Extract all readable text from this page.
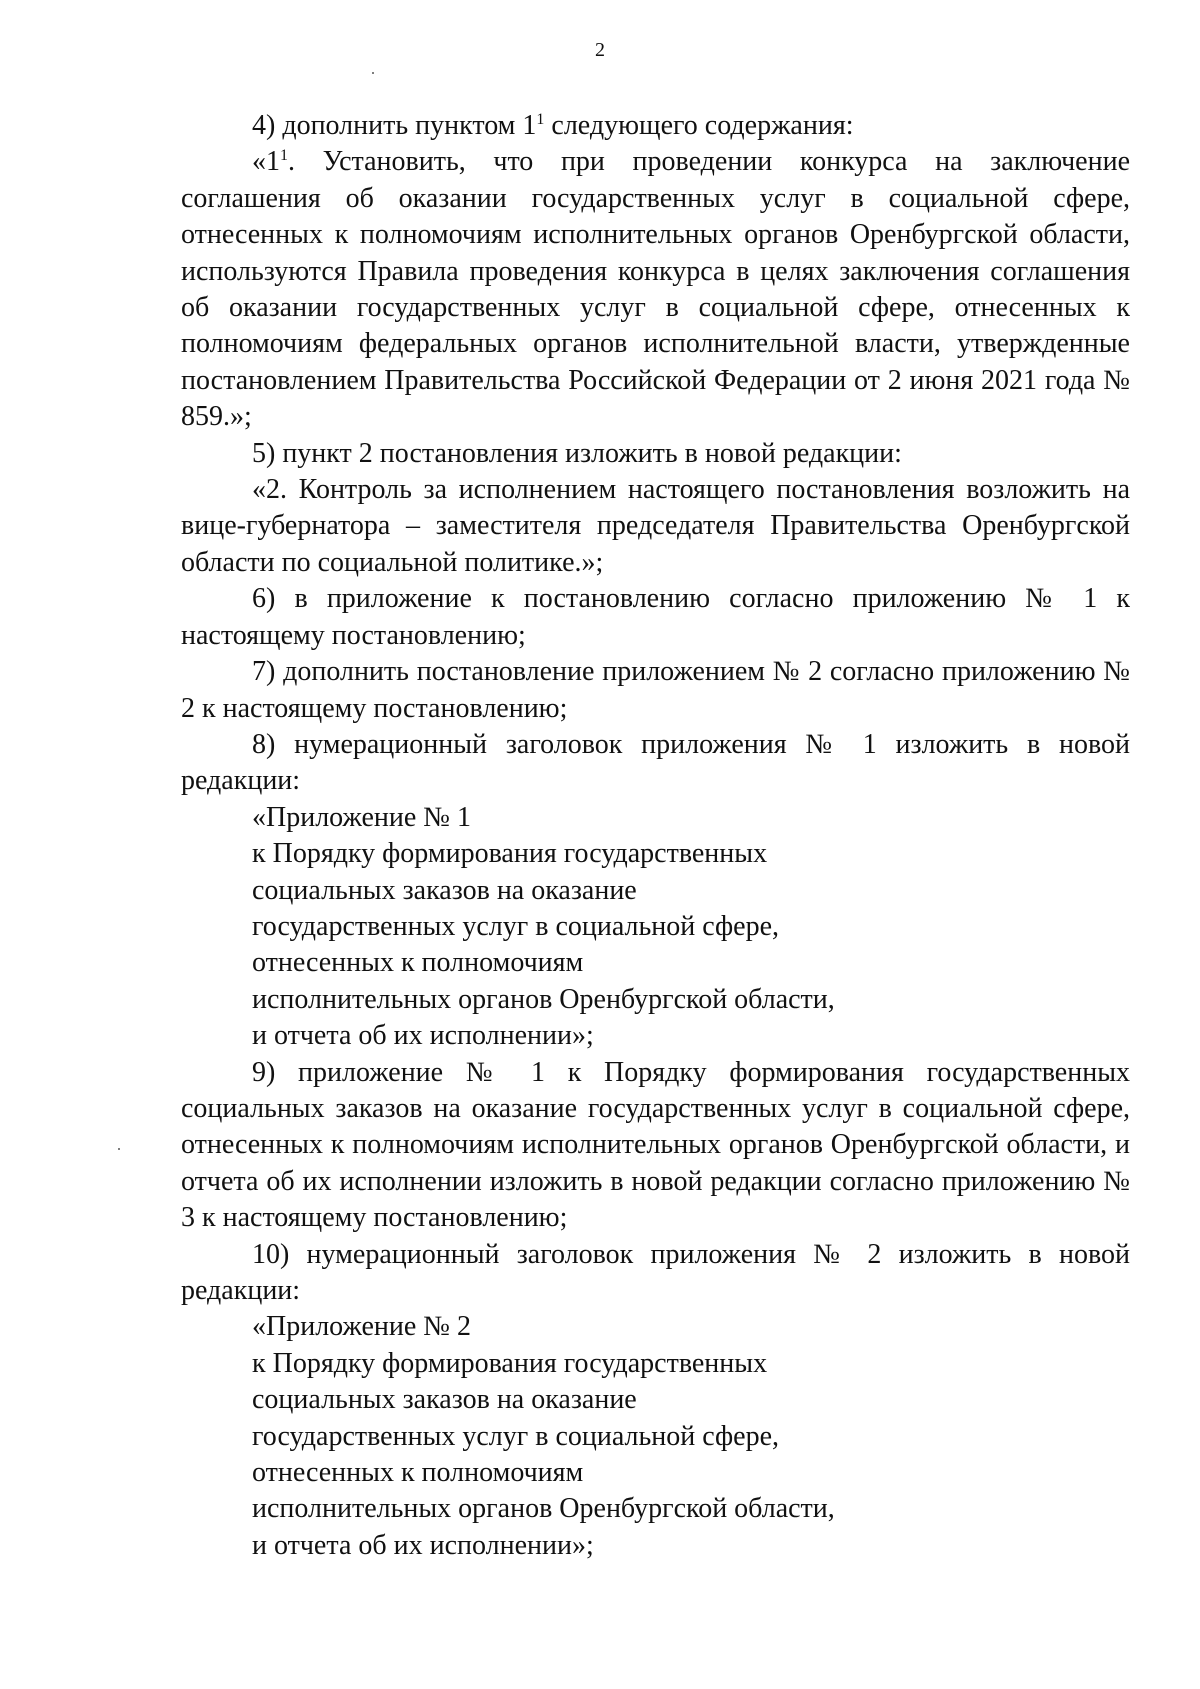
2

4) дополнить пунктом $1^1$ следующего содержания:

«$1^1$. Установить, что при проведении конкурса на заключение соглашения об оказании государственных услуг в социальной сфере, отнесенных к полномочиям исполнительных органов Оренбургской области, используются Правила проведения конкурса в целях заключения соглашения об оказании государственных услуг в социальной сфере, отнесенных к полномочиям федеральных органов исполнительной власти, утвержденные постановлением Правительства Российской Федерации от 2 июня 2021 года № 859.»;

5) пункт 2 постановления изложить в новой редакции:

«2. Контроль за исполнением настоящего постановления возложить на вице-губернатора – заместителя председателя Правительства Оренбургской области по социальной политике.»;

6) в приложение к постановлению согласно приложению № 1 к настоящему постановлению;

7) дополнить постановление приложением № 2 согласно приложению № 2 к настоящему постановлению;

8) нумерационный заголовок приложения № 1 изложить в новой редакции:

«Приложение № 1

к Порядку формирования государственных

социальных заказов на оказание

государственных услуг в социальной сфере,

отнесенных к полномочиям

исполнительных органов Оренбургской области,

и отчета об их исполнении»;

9) приложение № 1 к Порядку формирования государственных социальных заказов на оказание государственных услуг в социальной сфере, отнесенных к полномочиям исполнительных органов Оренбургской области, и отчета об их исполнении изложить в новой редакции согласно приложению № 3 к настоящему постановлению;

10) нумерационный заголовок приложения № 2 изложить в новой редакции:

«Приложение № 2

к Порядку формирования государственных

социальных заказов на оказание

государственных услуг в социальной сфере,

отнесенных к полномочиям

исполнительных органов Оренбургской области,

и отчета об их исполнении»;
